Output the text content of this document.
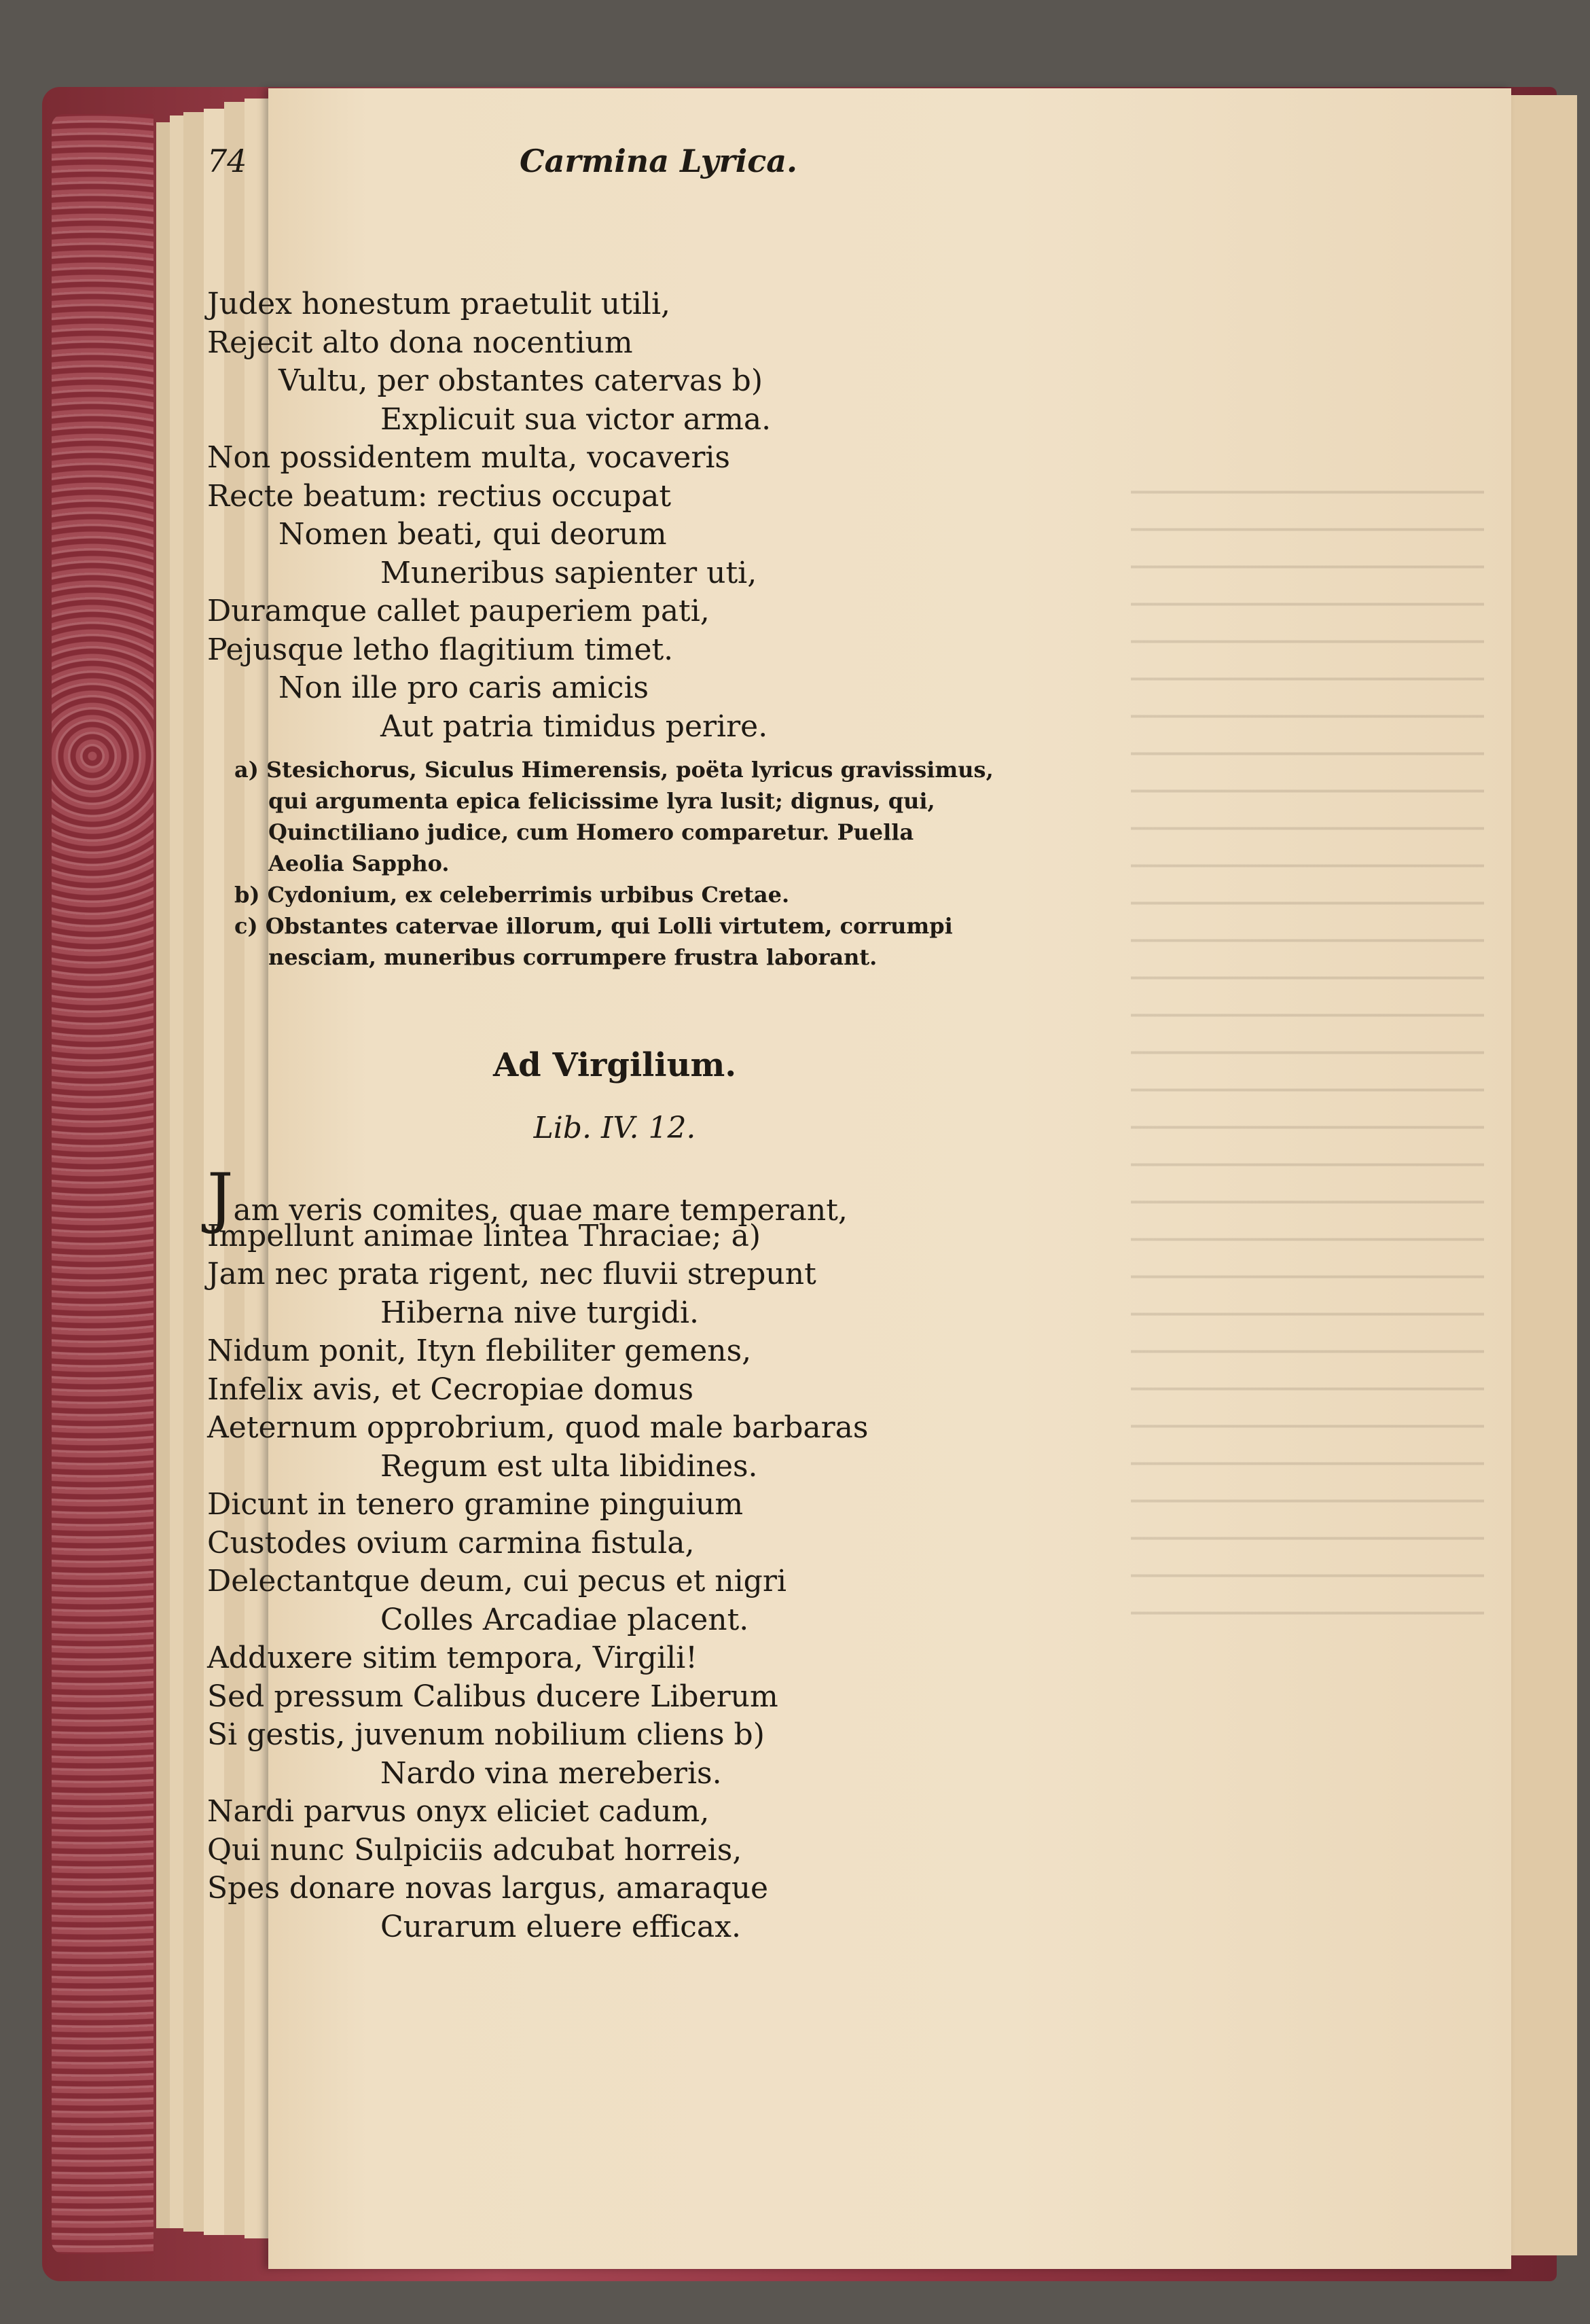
74	Carmina Lyrica.
Judex honestum praetulit utili,
Rejecit alto dona nocentium
Vultu, per obstantes catervas b)
Explicuit sua victor arma.
Non possidentem multa, vocaveris
Recte beatum: rectius occupat
Nomen beati, qui deorum
Muneribus sapienter uti,
Duramque callet pauperiem pati,
Pejusque letho flagitium timet.
Non ille pro caris amicis
Aut patria timidus perire.
a) Stesichorus, Siculus Himerensis, poëta lyricus gravissimus,
qui argumenta epica felicissime lyra lusit; dignus, qui,
Quinctiliano judice, cum Homero comparetur. Puella
Aeolia Sappho.
b) Cydonium, ex celeberrimis urbibus Cretae.
c) Obstantes catervae illorum, qui Lolli virtutem, corrumpi
nesciam, muneribus corrumpere frustra laborant.
Ad Virgilium.
Lib. IV. 12.
Jam veris comites, quae mare temperant,
Impellunt animae lintea Thraciae; a)
Jam nec prata rigent, nec fluvii strepunt
Hiberna nive turgidi.
Nidum ponit, Ityn flebiliter gemens,
Infelix avis, et Cecropiae domus
Aeternum opprobrium, quod male barbaras
Regum est ulta libidines.
Dicunt in tenero gramine pinguium
Custodes ovium carmina fistula,
Delectantque deum, cui pecus et nigri
Colles Arcadiae placent.
Adduxere sitim tempora, Virgili!
Sed pressum Calibus ducere Liberum
Si gestis, juvenum nobilium cliens b)
Nardo vina mereberis.
Nardi parvus onyx eliciet cadum,
Qui nunc Sulpiciis adcubat horreis,
Spes donare novas largus, amaraque
Curarum eluere efficax.
